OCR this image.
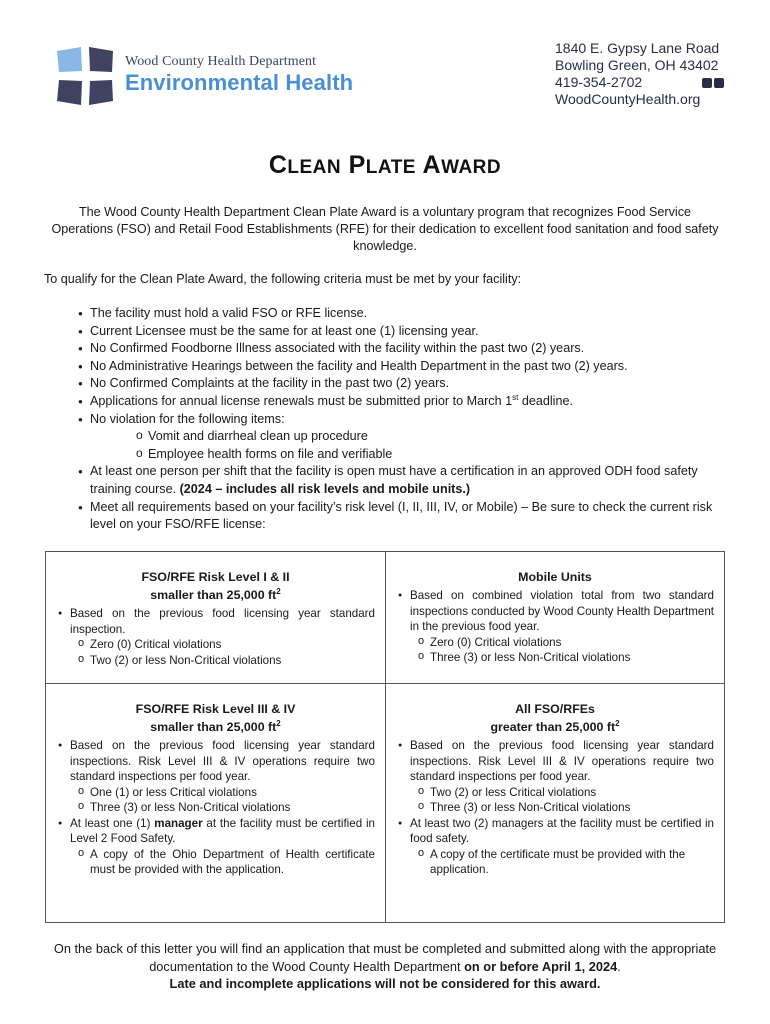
Wood County Health Department
Environmental Health
1840 E. Gypsy Lane Road
Bowling Green, OH 43402
419-354-2702
WoodCountyHealth.org
CLEAN PLATE AWARD
The Wood County Health Department Clean Plate Award is a voluntary program that recognizes Food Service Operations (FSO) and Retail Food Establishments (RFE) for their dedication to excellent food sanitation and food safety knowledge.
To qualify for the Clean Plate Award, the following criteria must be met by your facility:
● The facility must hold a valid FSO or RFE license.
● Current Licensee must be the same for at least one (1) licensing year.
● No Confirmed Foodborne Illness associated with the facility within the past two (2) years.
● No Administrative Hearings between the facility and Health Department in the past two (2) years.
● No Confirmed Complaints at the facility in the past two (2) years.
● Applications for annual license renewals must be submitted prior to March 1st deadline.
● No violation for the following items:
o Vomit and diarrheal clean up procedure
o Employee health forms on file and verifiable
● At least one person per shift that the facility is open must have a certification in an approved ODH food safety training course. (2024 – includes all risk levels and mobile units.)
● Meet all requirements based on your facility’s risk level (I, II, III, IV, or Mobile) – Be sure to check the current risk level on your FSO/RFE license:
FSO/RFE Risk Level I & II
smaller than 25,000 $ft^2$
● Based on the previous food licensing year standard inspection.
o Zero (0) Critical violations
o Two (2) or less Non-Critical violations
Mobile Units
● Based on combined violation total from two standard inspections conducted by Wood County Health Department in the previous food year.
o Zero (0) Critical violations
o Three (3) or less Non-Critical violations
FSO/RFE Risk Level III & IV
smaller than 25,000 $ft^2$
● Based on the previous food licensing year standard inspections. Risk Level III & IV operations require two standard inspections per food year.
o One (1) or less Critical violations
o Three (3) or less Non-Critical violations
● At least one (1) manager at the facility must be certified in Level 2 Food Safety.
o A copy of the Ohio Department of Health certificate must be provided with the application.
All FSO/RFEs
greater than 25,000 $ft^2$
● Based on the previous food licensing year standard inspections. Risk Level III & IV operations require two standard inspections per food year.
o Two (2) or less Critical violations
o Three (3) or less Non-Critical violations
● At least two (2) managers at the facility must be certified in food safety.
o A copy of the certificate must be provided with the application.
On the back of this letter you will find an application that must be completed and submitted along with the appropriate documentation to the Wood County Health Department on or before April 1, 2024.
Late and incomplete applications will not be considered for this award.
